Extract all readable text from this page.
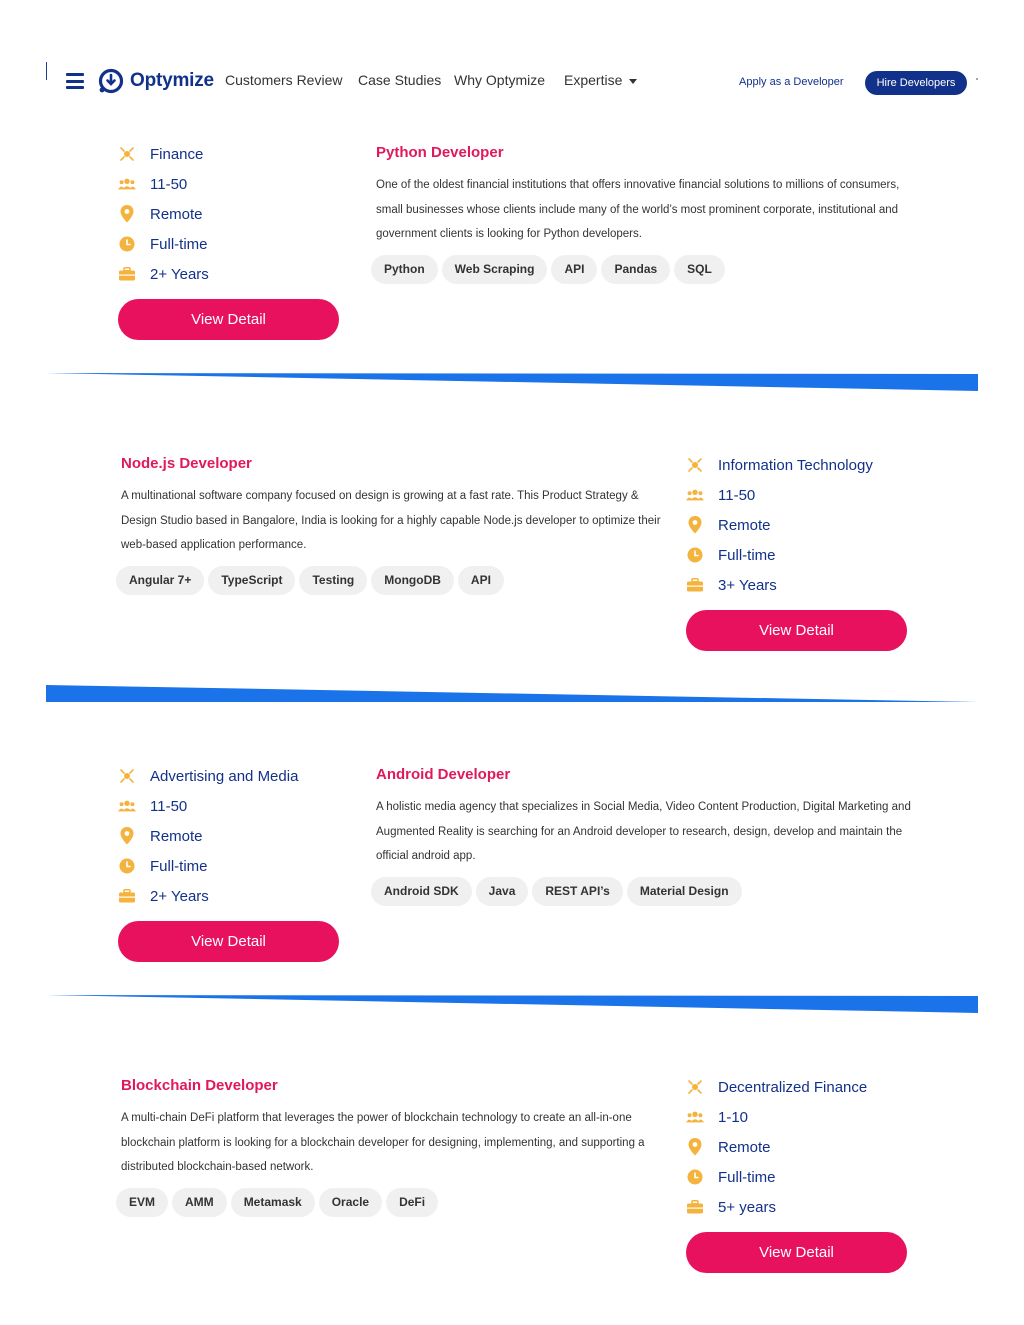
Optymize Customers Review Case Studies Why Optymize Expertise	Apply as a Developer	Hire Developers
Finance
11-50
Remote
Full-time
2+ Years
View Detail
Python Developer
One of the oldest financial institutions that offers innovative financial solutions to millions of consumers, small businesses whose clients include many of the world’s most prominent corporate, institutional and government clients is looking for Python developers.
Python	Web Scraping	API	Pandas	SQL
Node.js Developer
A multinational software company focused on design is growing at a fast rate. This Product Strategy & Design Studio based in Bangalore, India is looking for a highly capable Node.js developer to optimize their web-based application performance.
Angular 7+	TypeScript	Testing	MongoDB	API
Information Technology
11-50
Remote
Full-time
3+ Years
View Detail
Advertising and Media
11-50
Remote
Full-time
2+ Years
View Detail
Android Developer
A holistic media agency that specializes in Social Media, Video Content Production, Digital Marketing and Augmented Reality is searching for an Android developer to research, design, develop and maintain the official android app.
Android SDK	Java	REST API’s	Material Design
Blockchain Developer
A multi-chain DeFi platform that leverages the power of blockchain technology to create an all-in-one blockchain platform is looking for a blockchain developer for designing, implementing, and supporting a distributed blockchain-based network.
EVM	AMM	Metamask	Oracle	DeFi
Decentralized Finance
1-10
Remote
Full-time
5+ years
View Detail
